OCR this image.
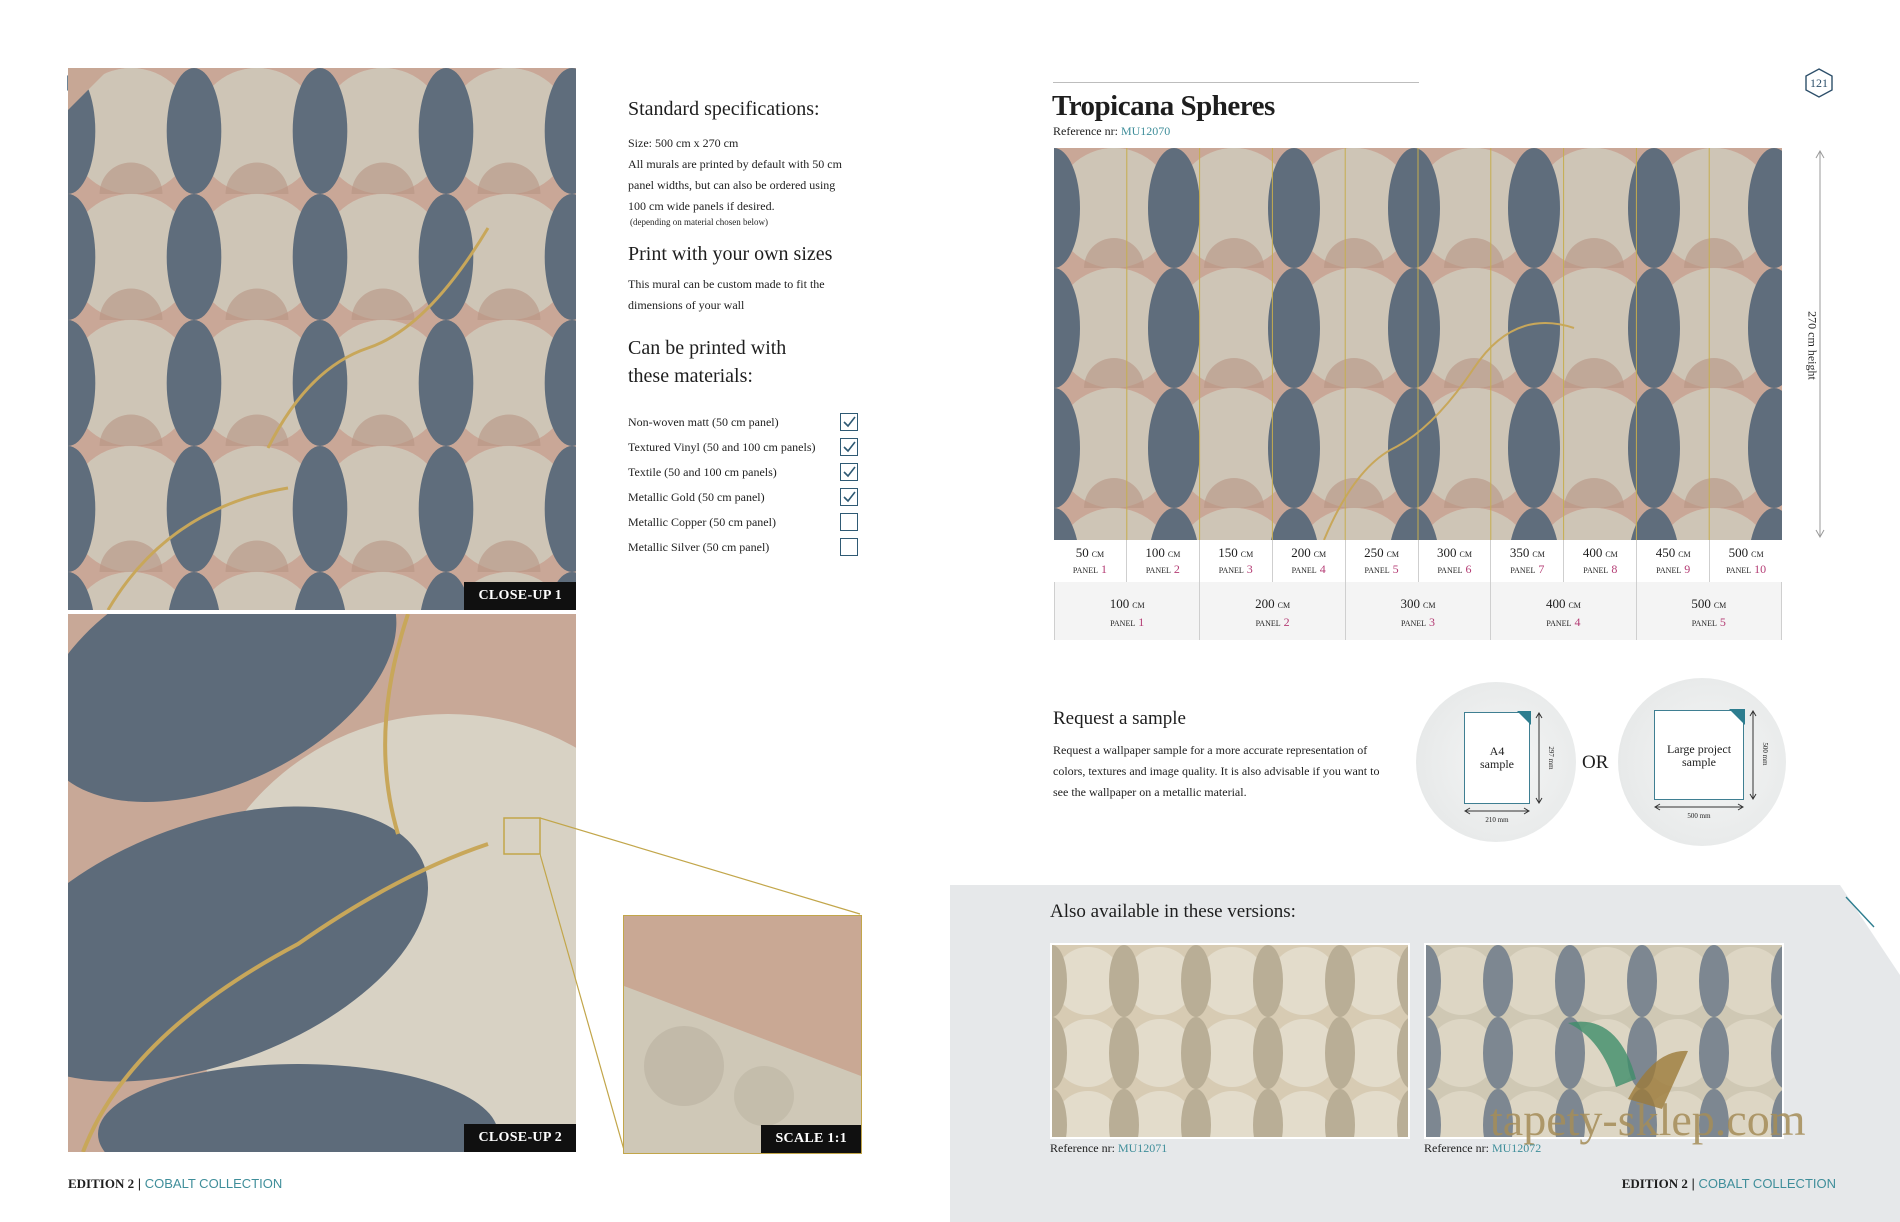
CLOSE-UP 1
CLOSE-UP 2	SCALE 1:1
Standard specifications:
Size: 500 cm x 270 cm
All murals are printed by default with 50 cm
panel widths, but can also be ordered using
100 cm wide panels if desired.
(depending on material chosen below)
Print with your own sizes
This mural can be custom made to fit the
dimensions of your wall
Can be printed with
these materials:
Non-woven matt (50 cm panel)
Textured Vinyl (50 and 100 cm panels)
Textile (50 and 100 cm panels)
Metallic Gold (50 cm panel)
Metallic Copper (50 cm panel)
Metallic Silver (50 cm panel)
EDITION 2 | COBALT COLLECTION
121
Tropicana Spheres
Reference nr: MU12070
270 cm height
50 CM
PANEL 1
100 CM
PANEL 2
150 CM
PANEL 3
200 CM
PANEL 4
250 CM
PANEL 5
300 CM
PANEL 6
350 CM
PANEL 7
400 CM
PANEL 8
450 CM
PANEL 9
500 CM
PANEL 10
100 CM
PANEL 1
200 CM
PANEL 2
300 CM
PANEL 3
400 CM
PANEL 4
500 CM
PANEL 5
Request a sample
Request a wallpaper sample for a more accurate representation of
colors, textures and image quality. It is also advisable if you want to
see the wallpaper on a metallic material.
A4
sample
210 mm
297 mm OR
Large project
sample
500 mm
500 mm
Also available in these versions:
Reference nr: MU12071	Reference nr: MU12072
tapety-sklep.com
EDITION 2 | COBALT COLLECTION
